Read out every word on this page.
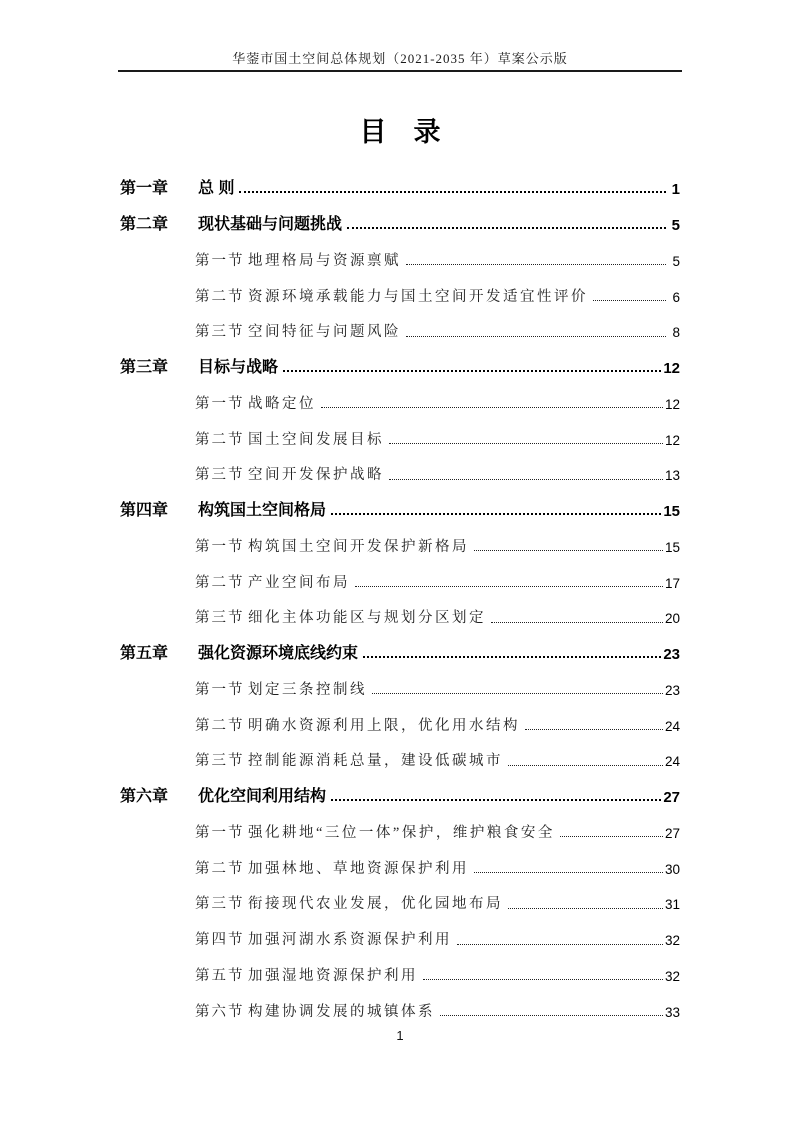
华蓥市国土空间总体规划（2021-2035 年）草案公示版
目　录
第一章	总 则	1
第二章	现状基础与问题挑战	5
第一节 地理格局与资源禀赋	5
第二节 资源环境承载能力与国土空间开发适宜性评价	6
第三节 空间特征与问题风险	8
第三章	目标与战略	12
第一节 战略定位	12
第二节 国土空间发展目标	12
第三节 空间开发保护战略	13
第四章	构筑国土空间格局	15
第一节 构筑国土空间开发保护新格局	15
第二节 产业空间布局	17
第三节 细化主体功能区与规划分区划定	20
第五章	强化资源环境底线约束	23
第一节 划定三条控制线	23
第二节 明确水资源利用上限，优化用水结构	24
第三节 控制能源消耗总量，建设低碳城市	24
第六章	优化空间利用结构	27
第一节 强化耕地“三位一体”保护，维护粮食安全	27
第二节 加强林地、草地资源保护利用	30
第三节 衔接现代农业发展，优化园地布局	31
第四节 加强河湖水系资源保护利用	32
第五节 加强湿地资源保护利用	32
第六节 构建协调发展的城镇体系	33
1
